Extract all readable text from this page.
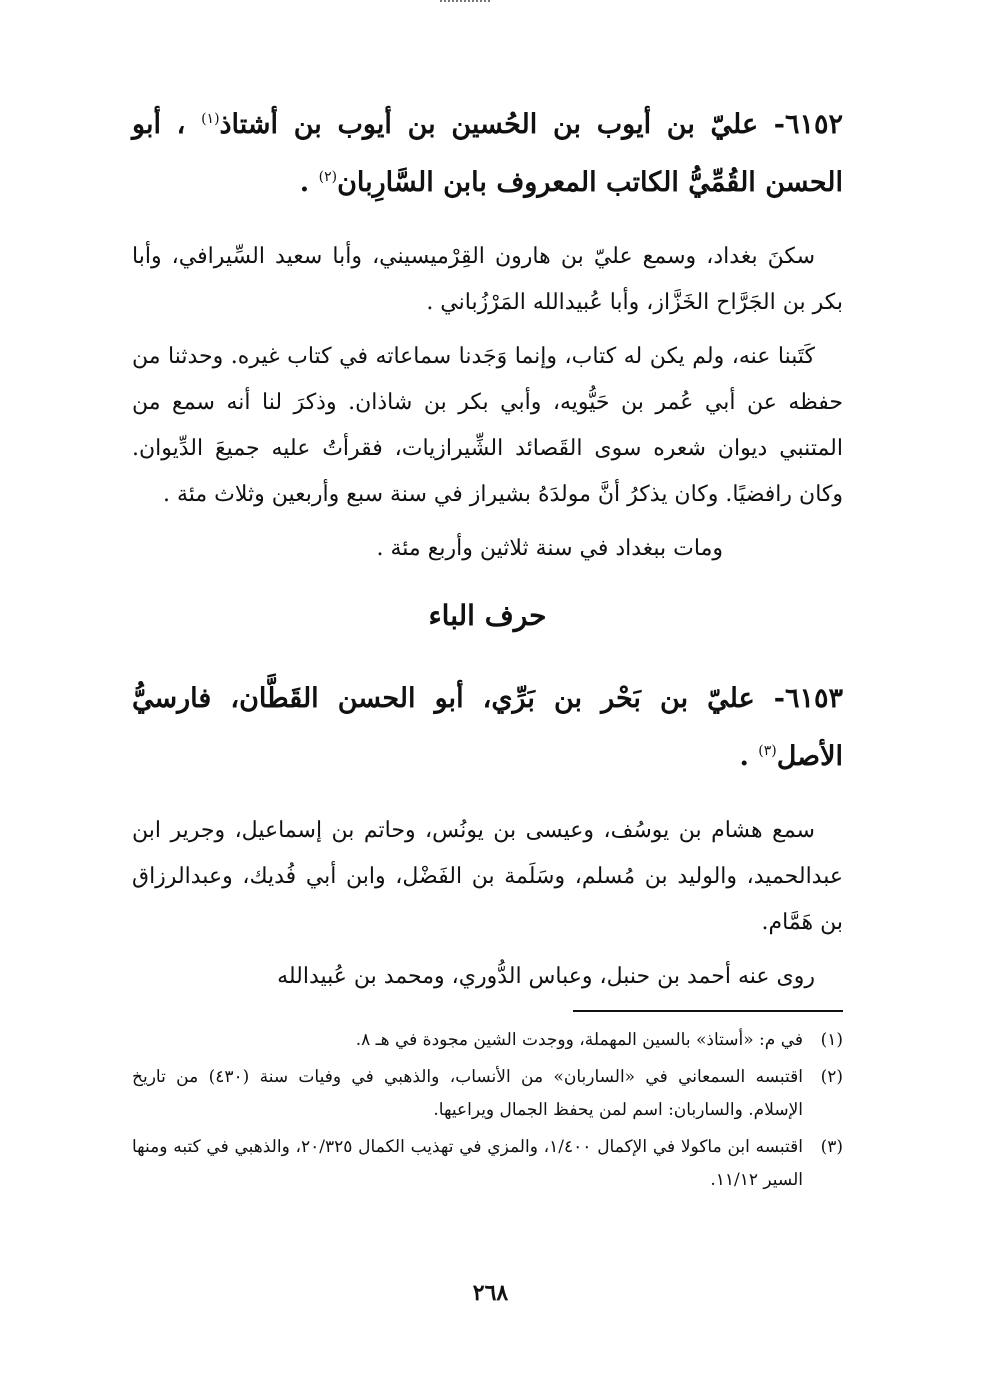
٦١٥٢- عليّ بن أيوب بن الحُسين بن أيوب بن أشتاذ$^{(١)}$ ، أبو الحسن القُمِّيُّ الكاتب المعروف بابن السَّارِبان$^{(٢)}$ .

سكنَ بغداد، وسمع عليّ بن هارون القِرْميسيني، وأبا سعيد السِّيرافي، وأبا بكر بن الجَرَّاح الخَزَّاز، وأبا عُبيدالله المَرْزُباني .

كَتَبنا عنه، ولم يكن له كتاب، وإنما وَجَدنا سماعاته في كتاب غيره. وحدثنا من حفظه عن أبي عُمر بن حَيُّويه، وأبي بكر بن شاذان. وذكرَ لنا أنه سمع من المتنبي ديوان شعره سوى القَصائد الشِّيرازيات، فقرأتُ عليه جميعَ الدِّيوان. وكان رافضيًا. وكان يذكرُ أنَّ مولدَهُ بشيراز في سنة سبع وأربعين وثلاث مئة .

ومات ببغداد في سنة ثلاثين وأربع مئة .

حرف الباء
٦١٥٣- عليّ بن بَحْر بن بَرِّي، أبو الحسن القَطَّان، فارسيُّ الأصل$^{(٣)}$ .

سمع هشام بن يوسُف، وعيسى بن يونُس، وحاتم بن إسماعيل، وجرير ابن عبدالحميد، والوليد بن مُسلم، وسَلَمة بن الفَضْل، وابن أبي فُديك، وعبدالرزاق بن هَمَّام.

روى عنه أحمد بن حنبل، وعباس الدُّوري، ومحمد بن عُبيدالله

(١)
في م: «أستاذ» بالسين المهملة، ووجدت الشين مجودة في هـ ٨.
(٢)
اقتبسه السمعاني في «الساربان» من الأنساب، والذهبي في وفيات سنة (٤٣٠) من تاريخ الإسلام. والساربان: اسم لمن يحفظ الجمال ويراعيها.
(٣)
اقتبسه ابن ماكولا في الإكمال ١/٤٠٠، والمزي في تهذيب الكمال ٢٠/٣٢٥، والذهبي في كتبه ومنها السير ١١/١٢.
٢٦٨
